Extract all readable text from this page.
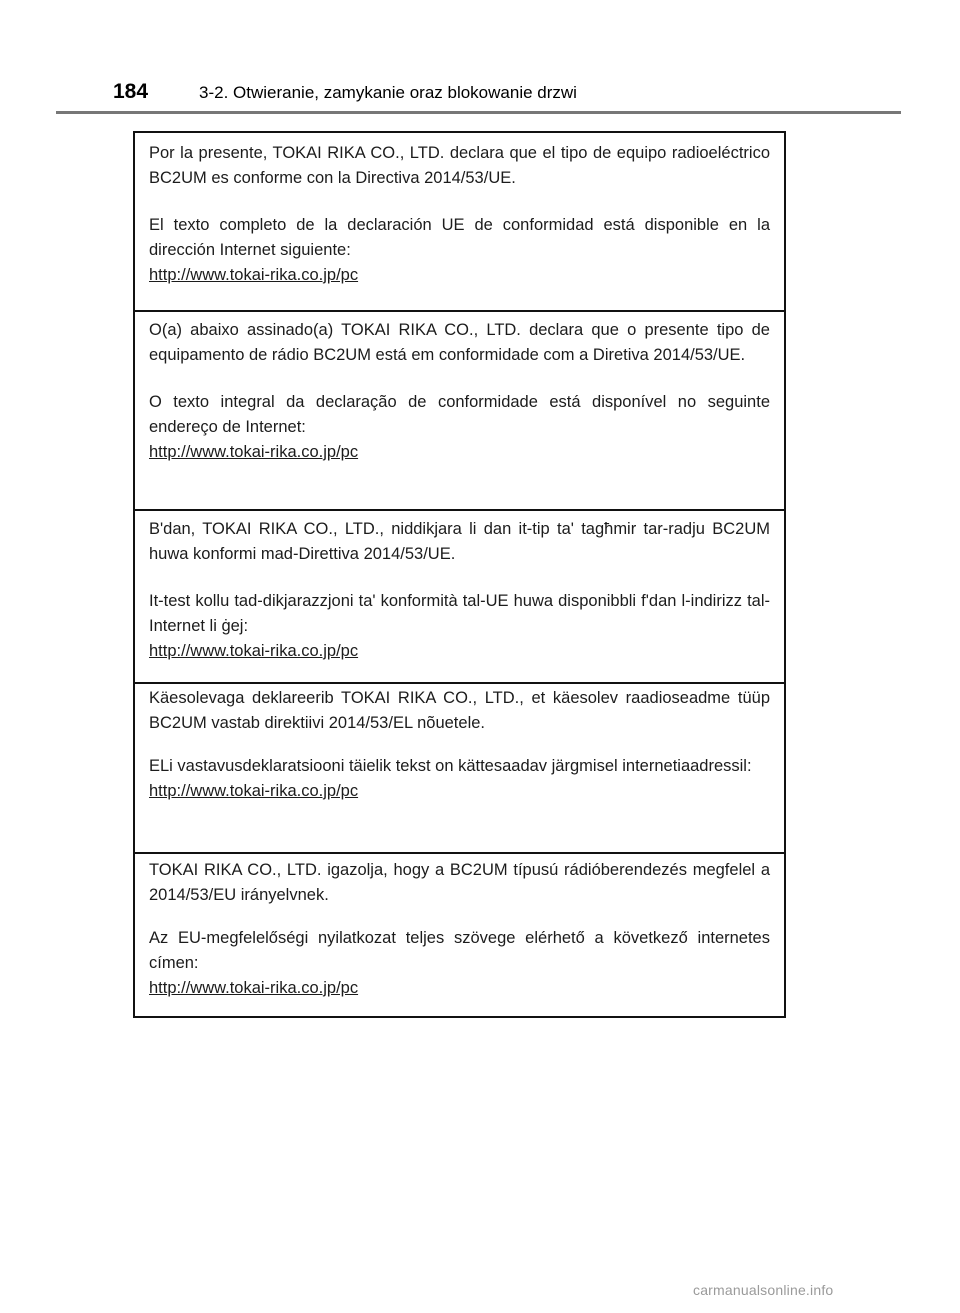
184	3-2. Otwieranie, zamykanie oraz blokowanie drzwi

Por la presente, TOKAI RIKA CO., LTD. declara que el tipo de equipo radioeléctrico BC2UM es conforme con la Directiva 2014/53/UE.

El texto completo de la declaración UE de conformidad está disponible en la dirección Internet siguiente:

http://www.tokai-rika.co.jp/pc

O(a) abaixo assinado(a) TOKAI RIKA CO., LTD. declara que o presente tipo de equipamento de rádio BC2UM está em conformidade com a Diretiva 2014/53/UE.

O texto integral da declaração de conformidade está disponível no seguinte endereço de Internet:

http://www.tokai-rika.co.jp/pc

B'dan, TOKAI RIKA CO., LTD., niddikjara li dan it-tip ta' tagħmir tar-radju BC2UM huwa konformi mad-Direttiva 2014/53/UE.

It-test kollu tad-dikjarazzjoni ta' konformità tal-UE huwa disponibbli f'dan l-indirizz tal-Internet li ġej:

http://www.tokai-rika.co.jp/pc

Käesolevaga deklareerib TOKAI RIKA CO., LTD., et käesolev raadioseadme tüüp BC2UM vastab direktiivi 2014/53/EL nõuetele.

ELi vastavusdeklaratsiooni täielik tekst on kättesaadav järgmisel internetiaadressil:

http://www.tokai-rika.co.jp/pc

TOKAI RIKA CO., LTD. igazolja, hogy a BC2UM típusú rádióberendezés megfelel a 2014/53/EU irányelvnek.

Az EU-megfelelőségi nyilatkozat teljes szövege elérhető a következő internetes címen:

http://www.tokai-rika.co.jp/pc
carmanualsonline.info
